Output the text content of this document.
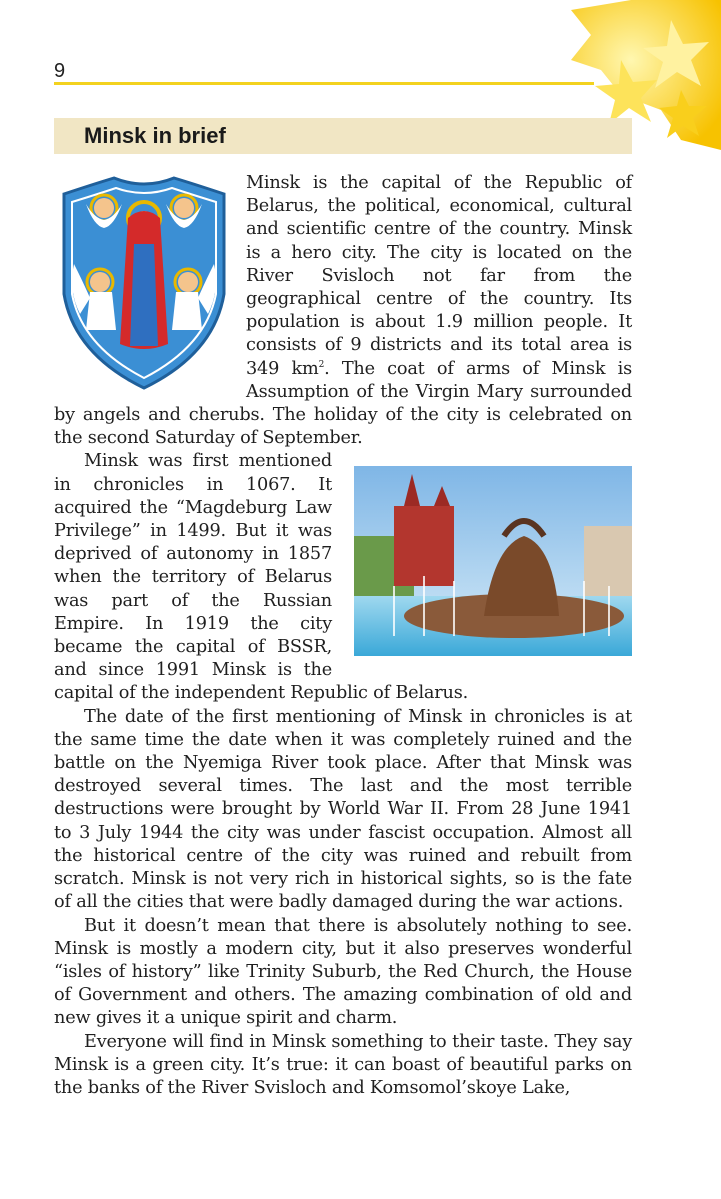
9
Minsk in brief

Minsk is the capital of the Republic of Belarus, the political, economical, cultural and scientific centre of the country. Minsk is a hero city. The city is located on the River Svisloch not far from the geographical centre of the country. Its population is about 1.9 million people. It consists of 9 districts and its total area is 349 $km^2$. The coat of arms of Minsk is Assumption of the Virgin Mary surrounded by angels and cherubs. The holiday of the city is celebrated on the second Saturday of September.

Minsk was first mentioned in chronicles in 1067. It acquired the “Magdeburg Law Privilege” in 1499. But it was deprived of autonomy in 1857 when the territory of Belarus was part of the Russian Empire. In 1919 the city became the capital of BSSR, and since 1991 Minsk is the capital of the independent Republic of Belarus.

The date of the first mentioning of Minsk in chronicles is at the same time the date when it was completely ruined and the battle on the Nyemiga River took place. After that Minsk was destroyed several times. The last and the most terrible destructions were brought by World War II. From 28 June 1941 to 3 July 1944 the city was under fascist occupation. Almost all the historical centre of the city was ruined and rebuilt from scratch. Minsk is not very rich in historical sights, so is the fate of all the cities that were badly damaged during the war actions.

But it doesn’t mean that there is absolutely nothing to see. Minsk is mostly a modern city, but it also preserves wonderful “isles of history” like Trinity Suburb, the Red Church, the House of Government and others. The amazing combination of old and new gives it a unique spirit and charm.

Everyone will find in Minsk something to their taste. They say Minsk is a green city. It’s true: it can boast of beautiful parks on the banks of the River Svisloch and Komsomol’skoye Lake,
